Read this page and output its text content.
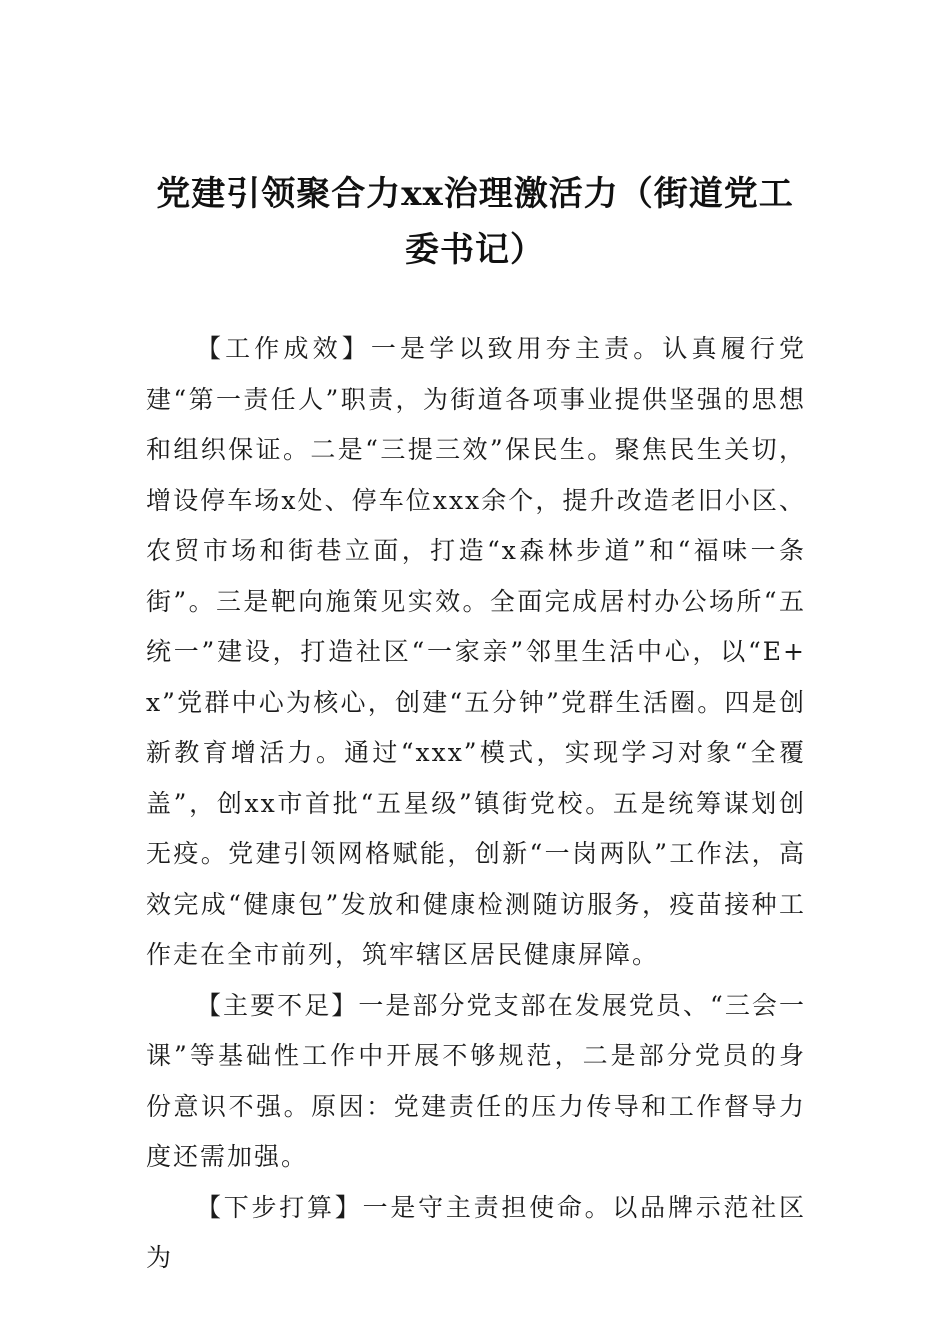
党建引领聚合力xx治理激活力（街道党工委书记）

【工作成效】一是学以致用夯主责。认真履行党建“第一责任人”职责，为街道各项事业提供坚强的思想和组织保证。二是“三提三效”保民生。聚焦民生关切，增设停车场x处、停车位xxx余个，提升改造老旧小区、农贸市场和街巷立面，打造“x森林步道”和“福味一条街”。三是靶向施策见实效。全面完成居村办公场所“五统一”建设，打造社区“一家亲”邻里生活中心，以“E+x”党群中心为核心，创建“五分钟”党群生活圈。四是创新教育增活力。通过“xxx”模式，实现学习对象“全覆盖”，创xx市首批“五星级”镇街党校。五是统筹谋划创无疫。党建引领网格赋能，创新“一岗两队”工作法，高效完成“健康包”发放和健康检测随访服务，疫苗接种工作走在全市前列，筑牢辖区居民健康屏障。

【主要不足】一是部分党支部在发展党员、“三会一课”等基础性工作中开展不够规范，二是部分党员的身份意识不强。原因：党建责任的压力传导和工作督导力度还需加强。

【下步打算】一是守主责担使命。以品牌示范社区为
